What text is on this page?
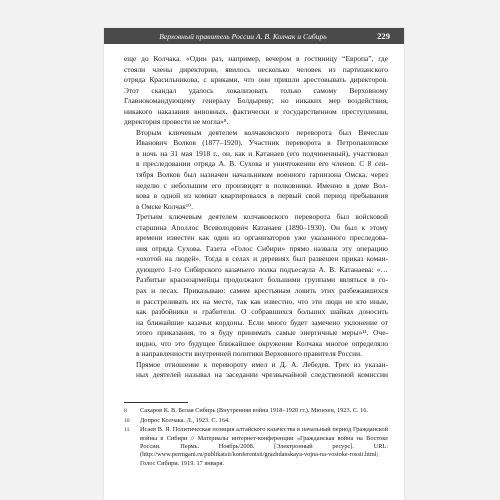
Верховный правитель России А. В. Колчак и Сибирь	229

еще до Колчака. «Один раз, например, вечером в гостиницу “Европа”, где
стояли члены директории, явилось несколько человек из партизанского
отряда Красильникова, с криками, что они пришли арестовывать директоров.
Этот скандал удалось локализовать только самому Верховному
Главнокомандующему генералу Болдыреву; но никаких мер воздействия,
никакого наказания виновных, фактически в государственном преступлении,
директория провести не могла»⁸.

Вторым ключевым деятелем колчаковского переворота был Вячеслав
Иванович Волков (1877–1920). Участник переворота в Петропавловске
в ночь на 31 мая 1918 г., он, как и Катанаев (его подчиненный), участвовал
в преследовании отряда А. В. Сухова и уничтожении его членов. С 8 сен-
тября Волков был назначен начальником военного гарнизона Омска, через
неделю с небольшим его произвидят в полковники. Именно в доме Вол-
кова в одной из комнат квартировался в первый свой период пребывания
в Омске Колчак¹⁰.

Третьим ключевым деятелем колчаковского переворота был войсковой
старшина Аполлос Всеволодович Катанаев (1890–1930). Он был к этому
времени известен как один из организаторов уже указанного преследова-
ния отряда Сухова. Газета «Голос Сибири» прямо назвала эту операцию
«охотой на людей». Тогда в селах и деревнях был развешен приказ коман-
дующего 1-го Сибирского казачьего полка подъесаула А. В. Катанаева: «…
Разбитые красноармейцы продолжают большими группами являться в го-
рах и лесах. Приказываю: самим крестьянам ловить этих разбежавшихся
и расстреливать их на месте, так как известно, что эти люди не кто иные,
как разбойники и грабители. О собравшихся больших шайках доносить
на ближайшие казачьи кордоны. Если много будет замечено уклонение от
этого приказания, то я буду принимать самые энергичные меры»¹¹. Оче-
видно, что это будущее ближайшее окружение Колчака многое определяло
в направленности внутренней политики Верховного правителя России.

Прямое отношение к перевороту имел и Д. А. Лебедев. Трех из указан-
ных деятелей называл на заседании чрезвычайной следственной комиссии

8	Сахаров К. В. Белая Сибирь (Внутренняя война 1918–1920 гг.). Мюнхен, 1923. С. 16.
10	Допрос Колчака. Л., 1923. С. 164.
11	Исаев В. Я. Политическая позиция алтайского казачества в начальный период Гражданской войны в Сибири // Материалы интернет-конференции «Гражданская война на Востоке России. Пермь. Ноябрь/2008. [Электронный ресурс]. URL:(http://www.permgani.ru/publikatsii/konferentsii/grazhdanskaya-vojna-na-vostoke-rossii.html; Голос Сибири. 1919. 17 января.
